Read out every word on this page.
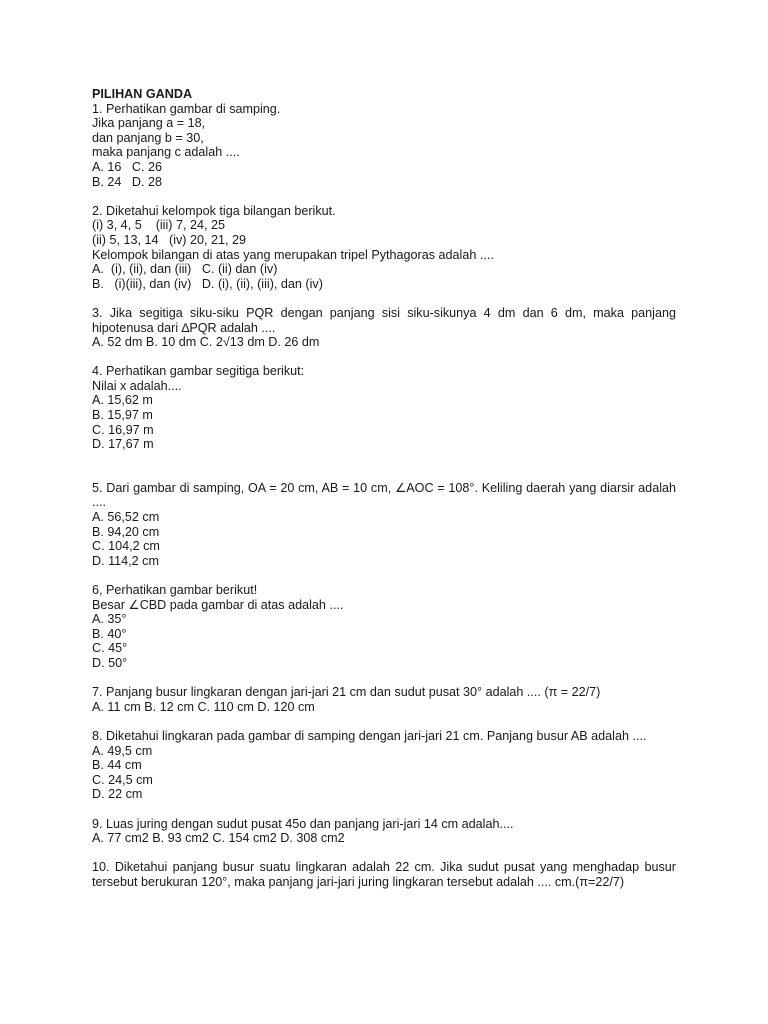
PILIHAN GANDA
1. Perhatikan gambar di samping.
Jika panjang a = 18,
dan panjang b = 30,
maka panjang c adalah ....
A. 16   C. 26
B. 24   D. 28
2. Diketahui kelompok tiga bilangan berikut.
(i) 3, 4, 5    (iii) 7, 24, 25
(ii) 5, 13, 14   (iv) 20, 21, 29
Kelompok bilangan di atas yang merupakan tripel Pythagoras adalah ....
A.  (i), (ii), dan (iii)   C. (ii) dan (iv)
B.   (i)(iii), dan (iv)   D. (i), (ii), (iii), dan (iv)
3. Jika segitiga siku-siku PQR dengan panjang sisi siku-sikunya 4 dm dan 6 dm, maka panjang hipotenusa dari ∆PQR adalah ....
A. 52 dm B. 10 dm C. 2√13 dm D. 26 dm
4. Perhatikan gambar segitiga berikut:
Nilai x adalah....
A. 15,62 m
B. 15,97 m
C. 16,97 m
D. 17,67 m
5. Dari gambar di samping, OA = 20 cm, AB = 10 cm, ∠AOC = 108°. Keliling daerah yang diarsir adalah ....
A. 56,52 cm
B. 94,20 cm
C. 104,2 cm
D. 114,2 cm
6, Perhatikan gambar berikut!
Besar ∠CBD pada gambar di atas adalah ....
A. 35°
B. 40°
C. 45°
D. 50°
7. Panjang busur lingkaran dengan jari-jari 21 cm dan sudut pusat 30° adalah .... (π = 22/7)
A. 11 cm B. 12 cm C. 110 cm D. 120 cm
8. Diketahui lingkaran pada gambar di samping dengan jari-jari 21 cm. Panjang busur AB adalah ....
A. 49,5 cm
B. 44 cm
C. 24,5 cm
D. 22 cm
9. Luas juring dengan sudut pusat 45o dan panjang jari-jari 14 cm adalah....
A. 77 cm2 B. 93 cm2 C. 154 cm2 D. 308 cm2
10. Diketahui panjang busur suatu lingkaran adalah 22 cm. Jika sudut pusat yang menghadap busur tersebut berukuran 120°, maka panjang jari-jari juring lingkaran tersebut adalah .... cm.(π=22/7)
